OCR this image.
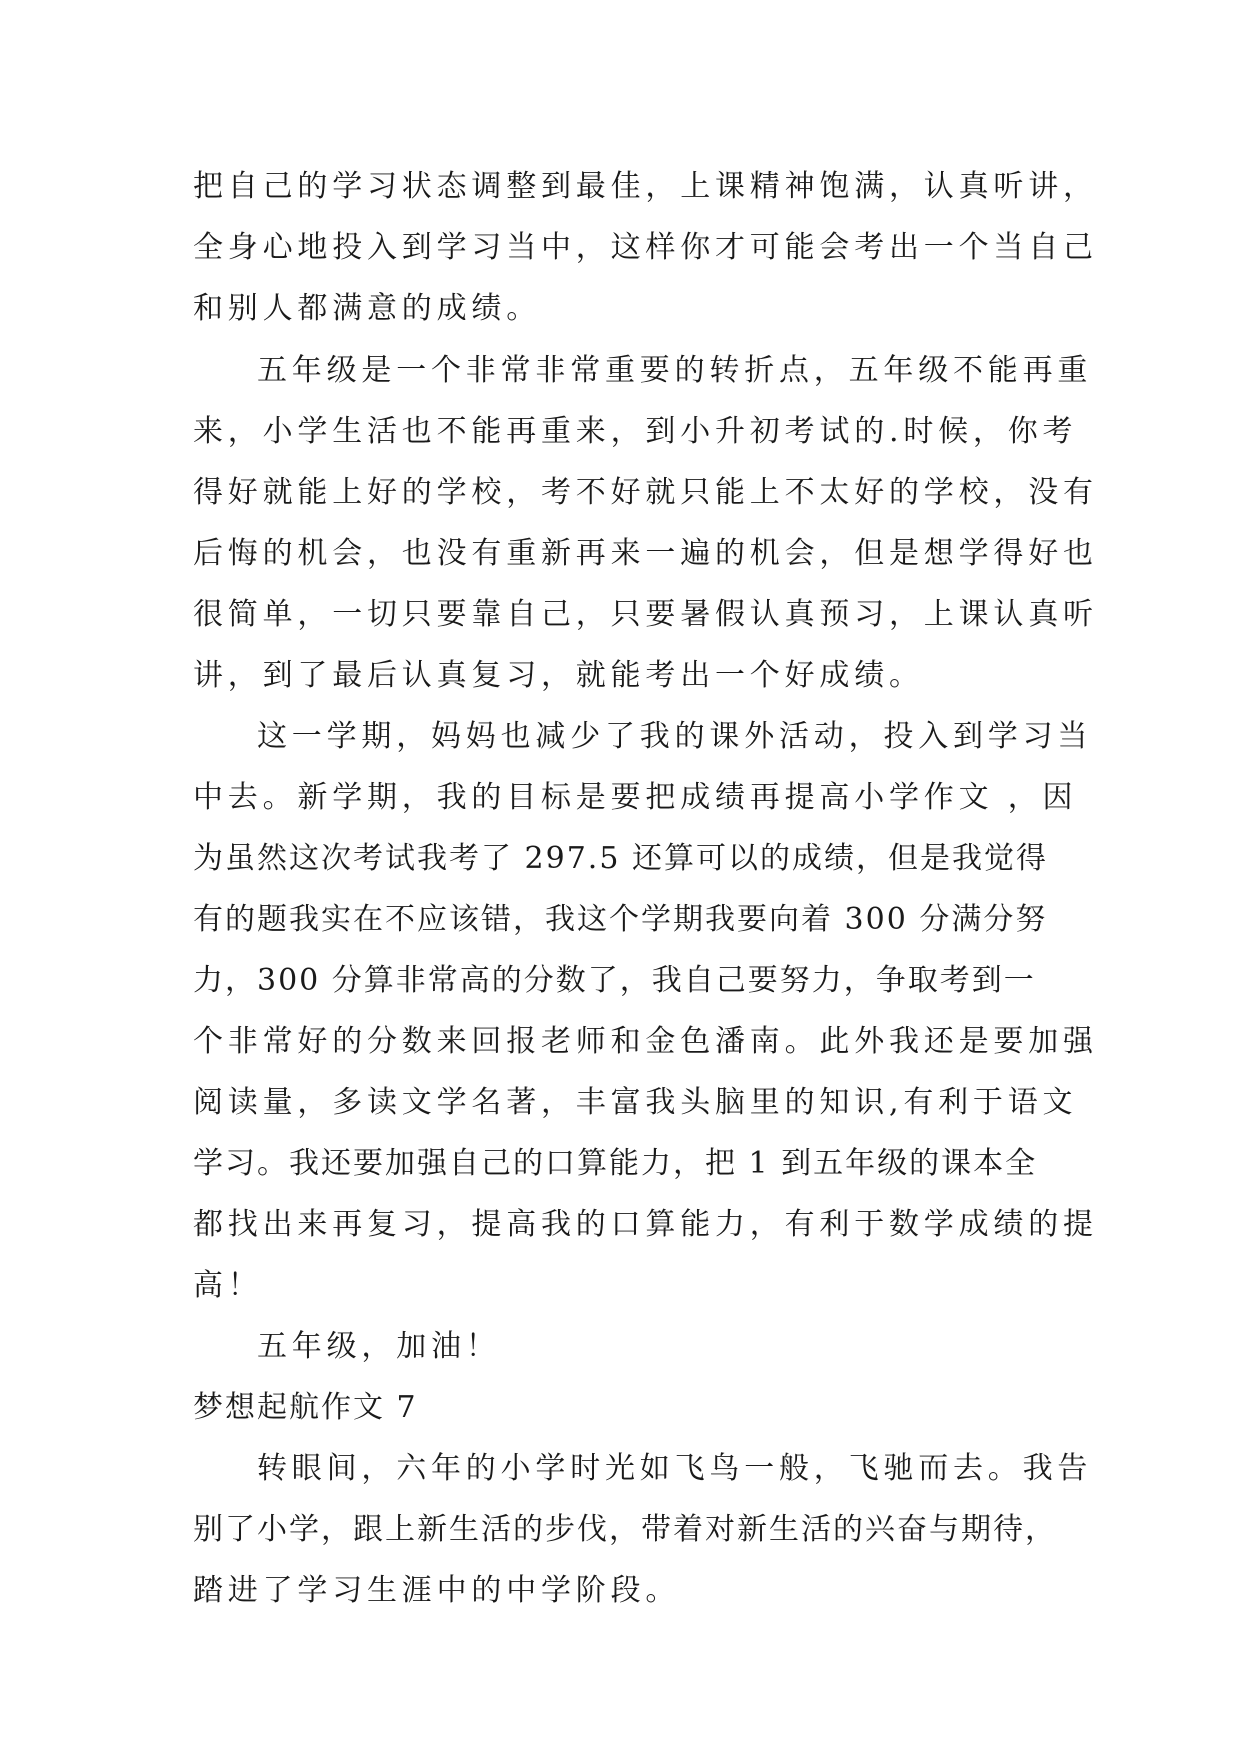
把自己的学习状态调整到最佳，上课精神饱满，认真听讲，
全身心地投入到学习当中，这样你才可能会考出一个当自己
和别人都满意的成绩。
五年级是一个非常非常重要的转折点，五年级不能再重
来，小学生活也不能再重来，到小升初考试的.时候，你考
得好就能上好的学校，考不好就只能上不太好的学校，没有
后悔的机会，也没有重新再来一遍的机会，但是想学得好也
很简单，一切只要靠自己，只要暑假认真预习，上课认真听
讲，到了最后认真复习，就能考出一个好成绩。
这一学期，妈妈也减少了我的课外活动，投入到学习当
中去。新学期，我的目标是要把成绩再提高小学作文 ，因
为虽然这次考试我考了 297.5 还算可以的成绩，但是我觉得
有的题我实在不应该错，我这个学期我要向着 300 分满分努
力，300 分算非常高的分数了，我自己要努力，争取考到一
个非常好的分数来回报老师和金色潘南。此外我还是要加强
阅读量，多读文学名著，丰富我头脑里的知识,有利于语文
学习。我还要加强自己的口算能力，把 1 到五年级的课本全
都找出来再复习，提高我的口算能力，有利于数学成绩的提
高！
五年级，加油！
梦想起航作文 7
转眼间，六年的小学时光如飞鸟一般，飞驰而去。我告
别了小学，跟上新生活的步伐，带着对新生活的兴奋与期待，
踏进了学习生涯中的中学阶段。
